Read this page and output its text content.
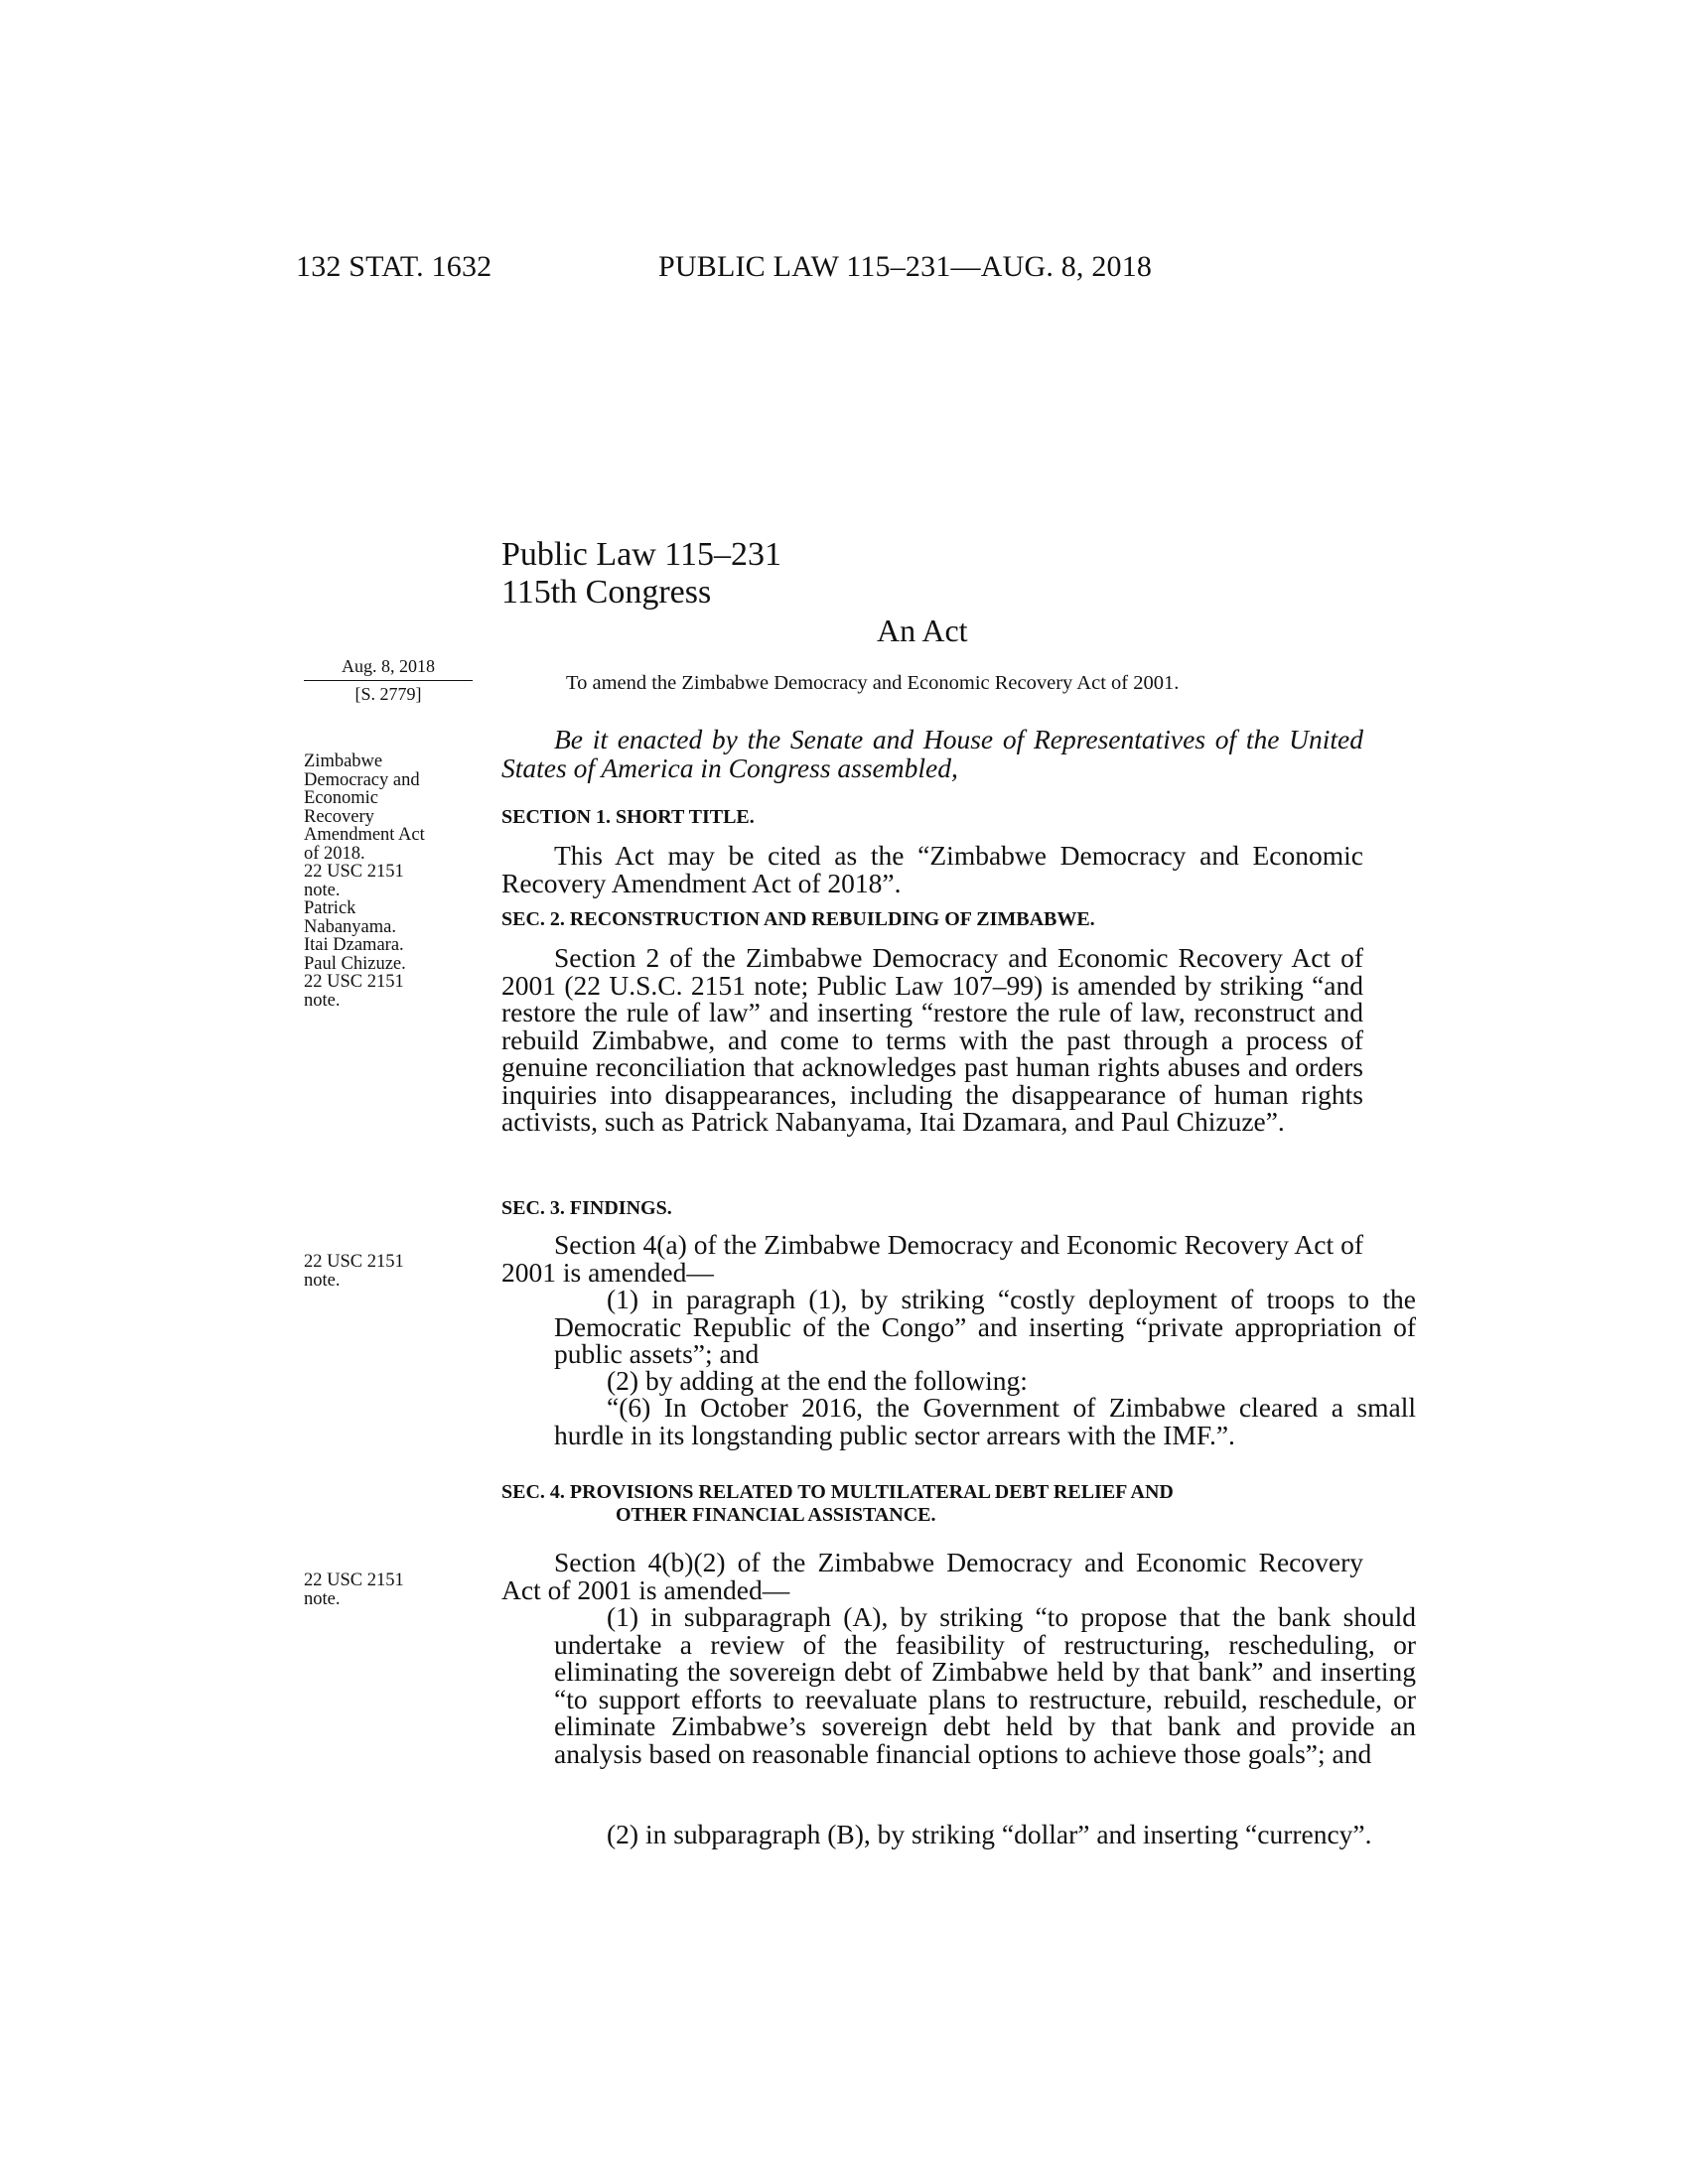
132 STAT. 1632	PUBLIC LAW 115–231—AUG. 8, 2018
Public Law 115–231
115th Congress
An Act
Aug. 8, 2018
[S. 2779]	To amend the Zimbabwe Democracy and Economic Recovery Act of 2001.
Zimbabwe
Democracy and
Economic
Recovery
Amendment Act
of 2018.
22 USC 2151
note.
Patrick
Nabanyama.
Itai Dzamara.
Paul Chizuze.
22 USC 2151
note.
22 USC 2151
note.
22 USC 2151
note.
Be it enacted by the Senate and House of Representatives of the United States of America in Congress assembled,
SECTION 1. SHORT TITLE.
This Act may be cited as the “Zimbabwe Democracy and Economic Recovery Amendment Act of 2018”.
SEC. 2. RECONSTRUCTION AND REBUILDING OF ZIMBABWE.
Section 2 of the Zimbabwe Democracy and Economic Recovery Act of 2001 (22 U.S.C. 2151 note; Public Law 107–99) is amended by striking “and restore the rule of law” and inserting “restore the rule of law, reconstruct and rebuild Zimbabwe, and come to terms with the past through a process of genuine reconciliation that acknowledges past human rights abuses and orders inquiries into disappearances, including the disappearance of human rights activists, such as Patrick Nabanyama, Itai Dzamara, and Paul Chizuze”.
SEC. 3. FINDINGS.
Section 4(a) of the Zimbabwe Democracy and Economic Recovery Act of 2001 is amended—
(1) in paragraph (1), by striking “costly deployment of troops to the Democratic Republic of the Congo” and inserting “private appropriation of public assets”; and
(2) by adding at the end the following:
“(6) In October 2016, the Government of Zimbabwe cleared a small hurdle in its longstanding public sector arrears with the IMF.”.
SEC. 4. PROVISIONS RELATED TO MULTILATERAL DEBT RELIEF AND
OTHER FINANCIAL ASSISTANCE.
Section 4(b)(2) of the Zimbabwe Democracy and Economic Recovery Act of 2001 is amended—
(1) in subparagraph (A), by striking “to propose that the bank should undertake a review of the feasibility of restructuring, rescheduling, or eliminating the sovereign debt of Zimbabwe held by that bank” and inserting “to support efforts to reevaluate plans to restructure, rebuild, reschedule, or eliminate Zimbabwe’s sovereign debt held by that bank and provide an analysis based on reasonable financial options to achieve those goals”; and
(2) in subparagraph (B), by striking “dollar” and inserting “currency”.
